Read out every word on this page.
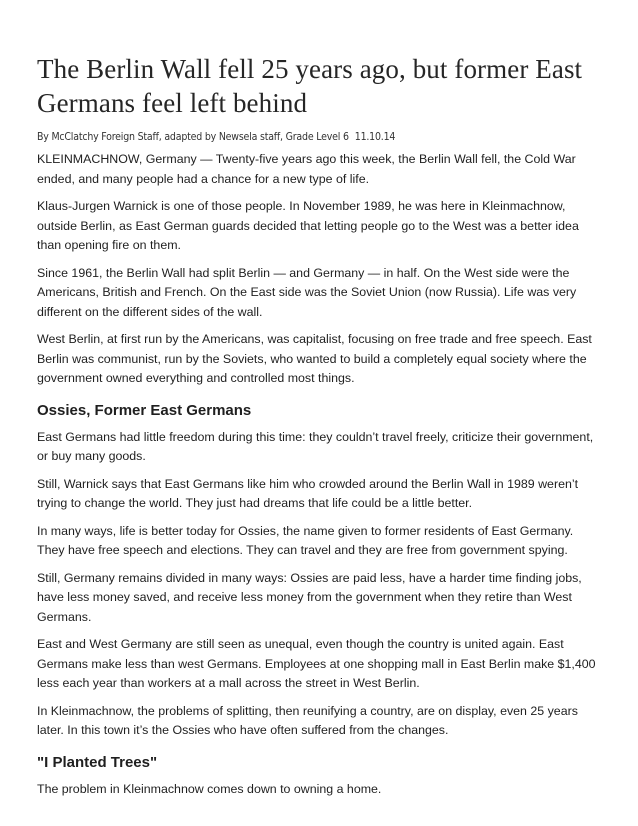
The Berlin Wall fell 25 years ago, but former East Germans feel left behind
By McClatchy Foreign Staff, adapted by Newsela staff, Grade Level 6 11.10.14

KLEINMACHNOW, Germany — Twenty-five years ago this week, the Berlin Wall fell, the Cold War ended, and many people had a chance for a new type of life.

Klaus-Jurgen Warnick is one of those people. In November 1989, he was here in Kleinmachnow, outside Berlin, as East German guards decided that letting people go to the West was a better idea than opening fire on them.

Since 1961, the Berlin Wall had split Berlin — and Germany — in half. On the West side were the Americans, British and French. On the East side was the Soviet Union (now Russia). Life was very different on the different sides of the wall.

West Berlin, at first run by the Americans, was capitalist, focusing on free trade and free speech. East Berlin was communist, run by the Soviets, who wanted to build a completely equal society where the government owned everything and controlled most things.

Ossies, Former East Germans

East Germans had little freedom during this time: they couldn’t travel freely, criticize their government, or buy many goods.

Still, Warnick says that East Germans like him who crowded around the Berlin Wall in 1989 weren’t trying to change the world. They just had dreams that life could be a little better.

In many ways, life is better today for Ossies, the name given to former residents of East Germany. They have free speech and elections. They can travel and they are free from government spying.

Still, Germany remains divided in many ways: Ossies are paid less, have a harder time finding jobs, have less money saved, and receive less money from the government when they retire than West Germans.

East and West Germany are still seen as unequal, even though the country is united again. East Germans make less than west Germans. Employees at one shopping mall in East Berlin make $1,400 less each year than workers at a mall across the street in West Berlin.

In Kleinmachnow, the problems of splitting, then reunifying a country, are on display, even 25 years later. In this town it’s the Ossies who have often suffered from the changes.

"I Planted Trees"

The problem in Kleinmachnow comes down to owning a home.
